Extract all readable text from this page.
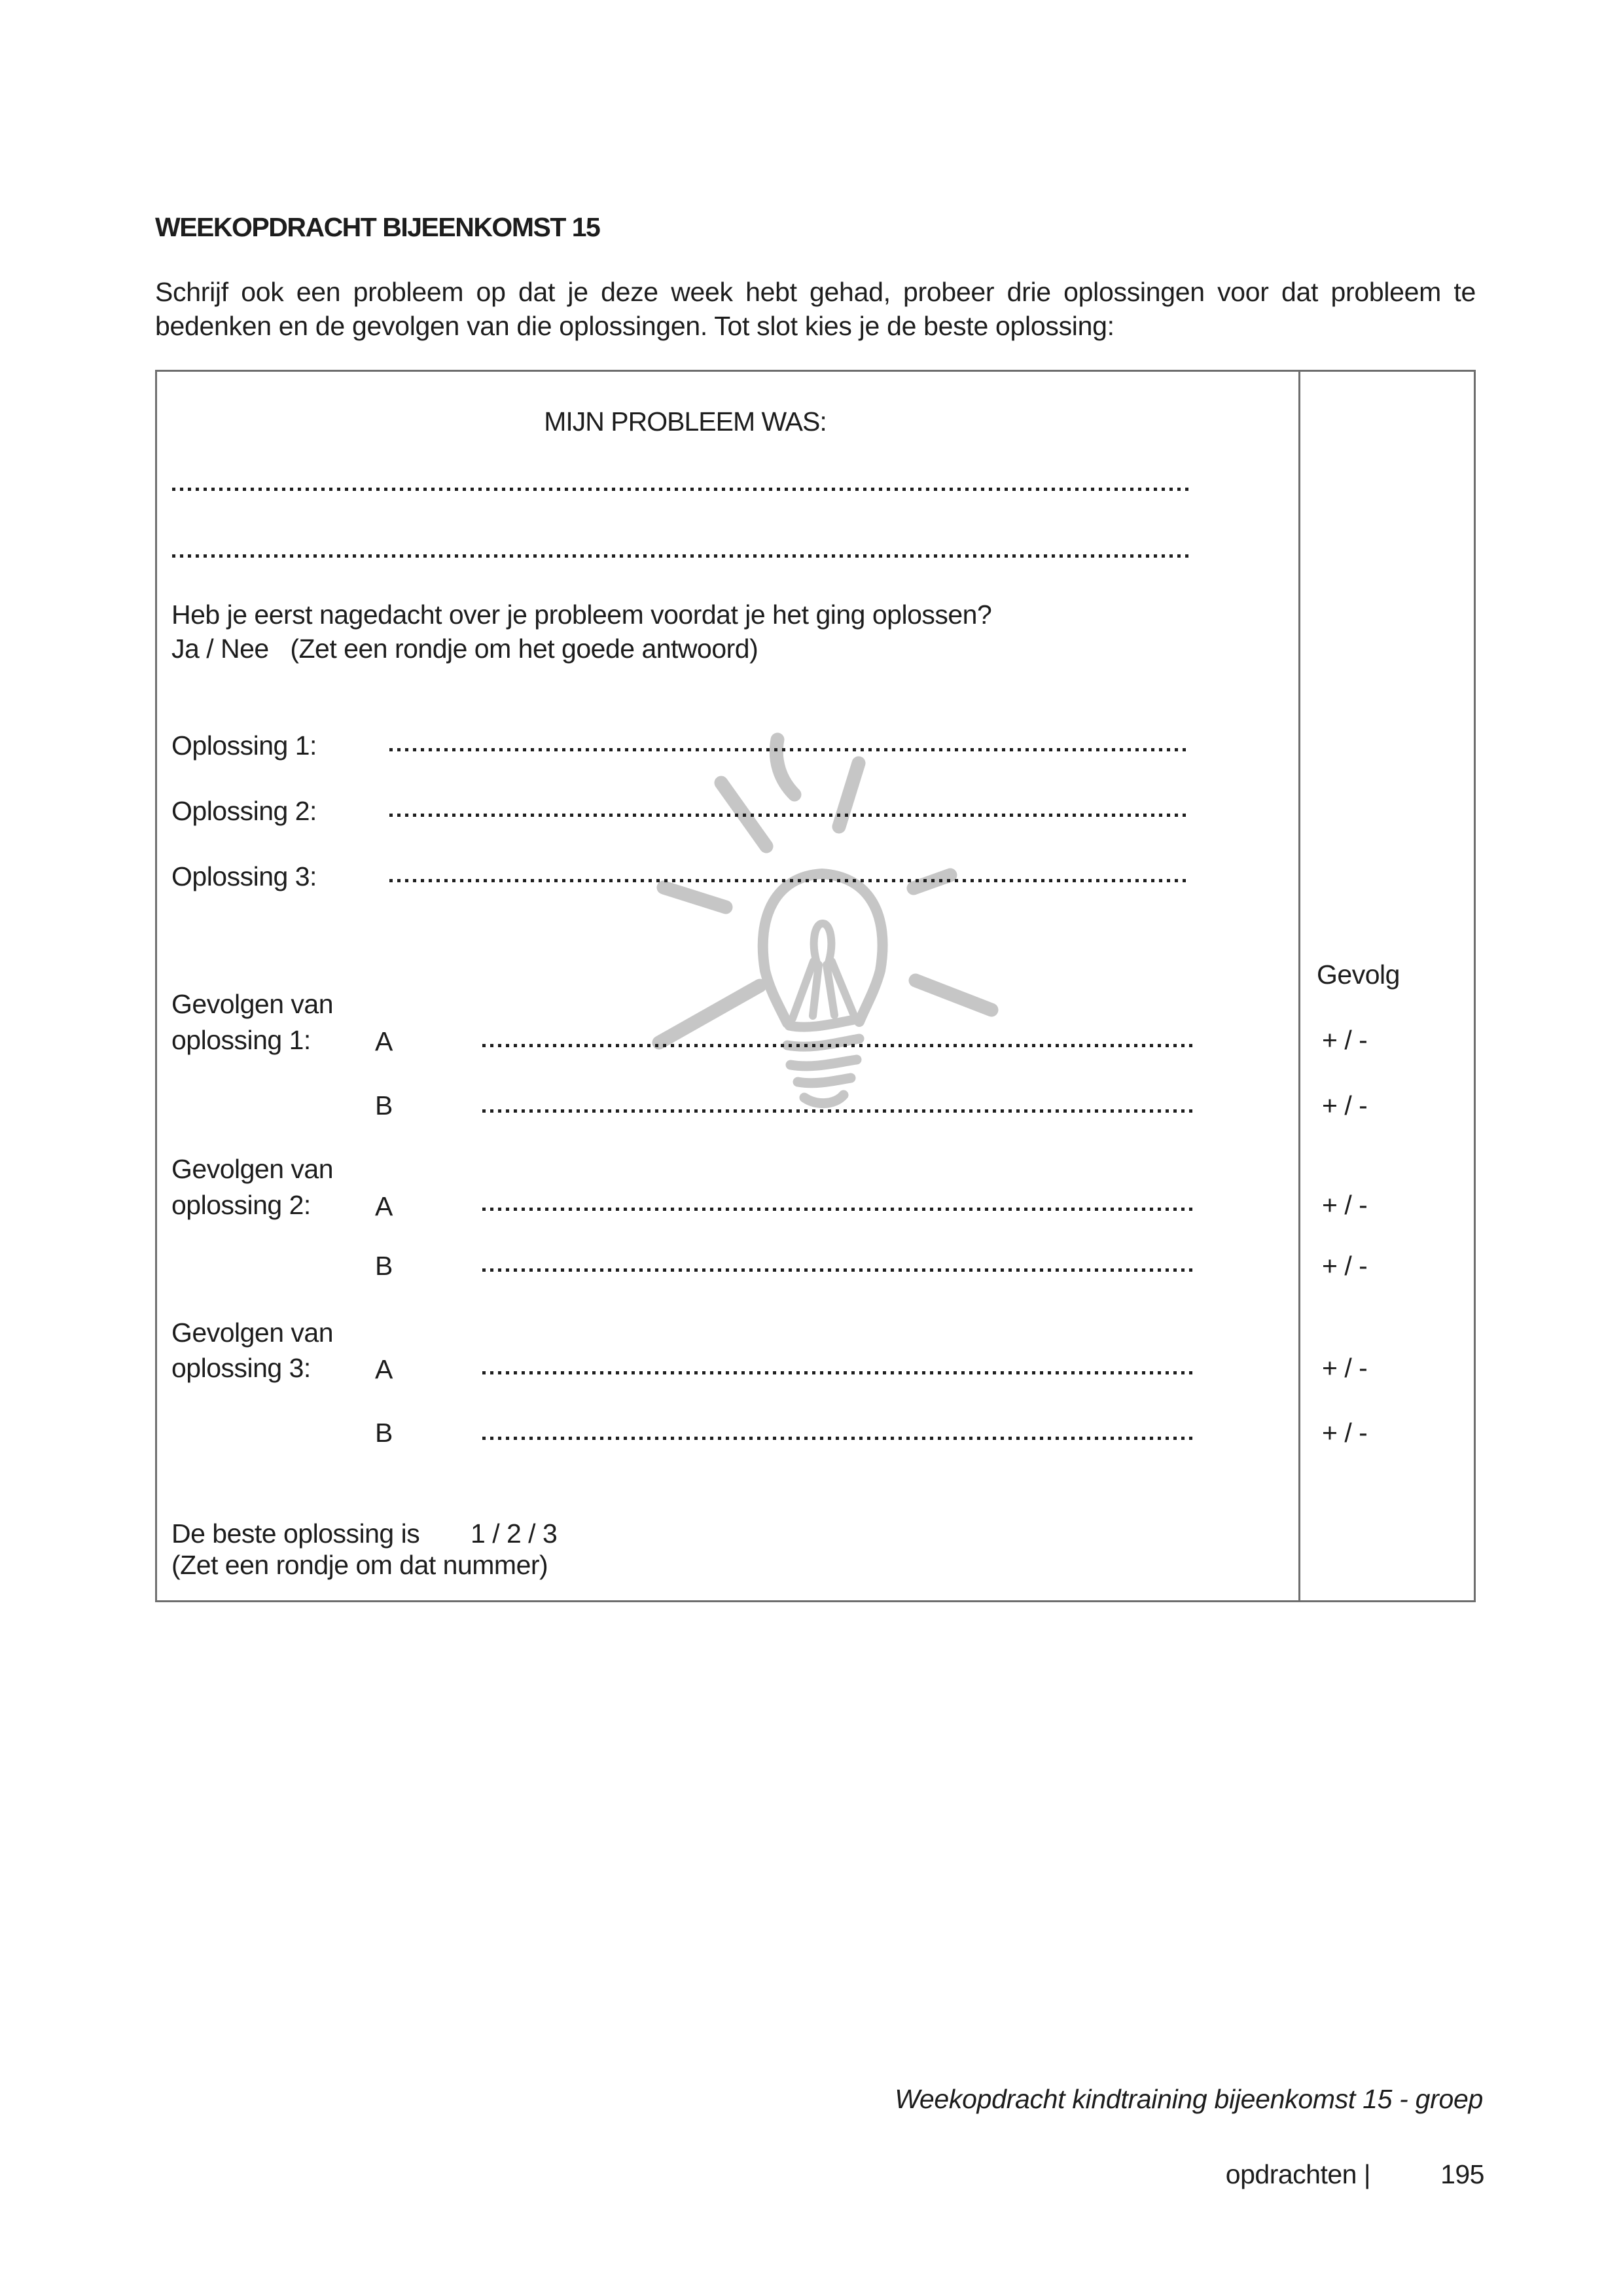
WEEKOPDRACHT BIJEENKOMST 15
Schrijf ook een probleem op dat je deze week hebt gehad, probeer drie oplossingen voor dat probleem te
bedenken en de gevolgen van die oplossingen. Tot slot kies je de beste oplossing:
MIJN PROBLEEM WAS:
Heb je eerst nagedacht over je probleem voordat je het ging oplossen?
Ja / Nee   (Zet een rondje om het goede antwoord)
Oplossing 1:
Oplossing 2:
Oplossing 3:
Gevolg
Gevolgen van
oplossing 1: A	+ / -
B	+ / -
Gevolgen van
oplossing 2: A	+ / -
B	+ / -
Gevolgen van
oplossing 3: A	+ / -
B	+ / -
De beste oplossing is 1 / 2 / 3
(Zet een rondje om dat nummer)
Weekopdracht kindtraining bijeenkomst 15 - groep
opdrachten |	195
